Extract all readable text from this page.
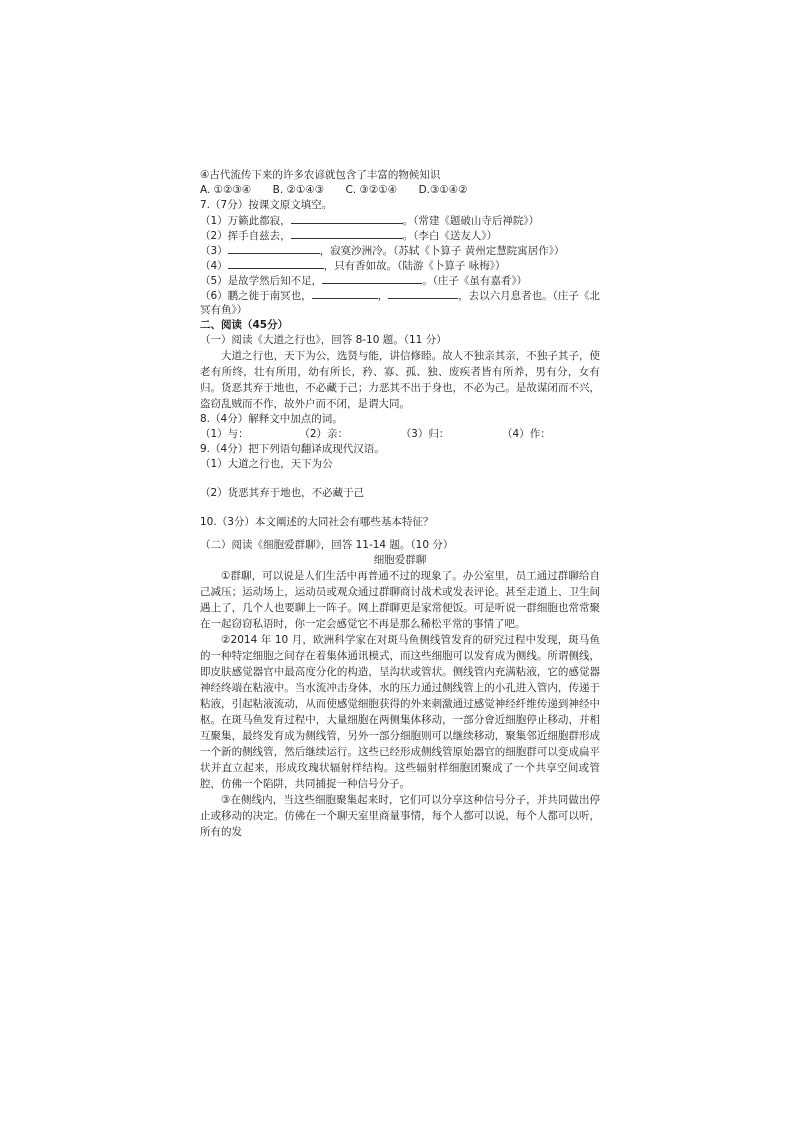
④古代流传下来的许多农谚就包含了丰富的物候知识
A. ①②③④ B. ②①④③ C. ③②①④ D.③①④②
7.（7分）按课文原文填空。
（1）万籁此都寂，	。（常建《题破山寺后禅院》）
（2）挥手自兹去，	。（李白《送友人》）
（3）	，寂寞沙洲冷。（苏轼《卜算子 黄州定慧院寓居作》）
（4）	，只有香如故。（陆游《卜算子 咏梅》）
（5）是故学然后知不足，	。（庄子《虽有嘉肴》）
（6）鹏之徙于南冥也，	，	，去以六月息者也。（庄子《北
冥有鱼》）
二、阅读（45分）
（一）阅读《大道之行也》，回答 8-10 题。（11 分）

大道之行也，天下为公，选贤与能，讲信修睦。故人不独亲其亲，不独子其子，使老有所终，壮有所用，幼有所长，矜、寡、孤、独、废疾者皆有所养，男有分，女有归。货恶其弃于地也，不必藏于己；力恶其不出于身也，不必为己。是故谋闭而不兴，盗窃乱贼而不作，故外户而不闭，是谓大同。

8.（4分）解释文中加点的词。
（1）与：	（2）亲：	（3）归：	（4）作：
9.（4分）把下列语句翻译成现代汉语。
（1）大道之行也，天下为公
（2）货恶其弃于地也，不必藏于己
10.（3分）本文阐述的大同社会有哪些基本特征？
（二）阅读《细胞爱群聊》，回答 11-14 题。（10 分）
细胞爱群聊

①群聊，可以说是人们生活中再普通不过的现象了。办公室里，员工通过群聊给自己减压；运动场上，运动员或观众通过群聊商讨战术或发表评论。甚至走道上、卫生间遇上了，几个人也要聊上一阵子。网上群聊更是家常便饭。可是听说一群细胞也常常聚在一起窃窃私语时，你一定会感觉它不再是那么稀松平常的事情了吧。

②2014 年 10 月，欧洲科学家在对斑马鱼侧线管发育的研究过程中发现，斑马鱼的一种特定细胞之间存在着集体通讯模式，而这些细胞可以发育成为侧线。所谓侧线，即皮肤感觉器官中最高度分化的构造，呈沟状或管状。侧线管内充满粘液，它的感觉器神经终端在粘液中。当水流冲击身体，水的压力通过侧线管上的小孔进入管内，传递于粘液，引起粘液流动，从而使感觉细胞获得的外来刺激通过感觉神经纤维传递到神经中枢。在斑马鱼发育过程中，大量细胞在两侧集体移动，一部分會近细胞停止移动，并相互聚集，最终发育成为侧线管，另外一部分细胞则可以继续移动，聚集邻近细胞群形成一个新的侧线管，然后继续运行。这些已经形成侧线管原始器官的细胞群可以变成扁平状并直立起来，形成玫瑰状辐射样结构。这些辐射样细胞团聚成了一个共享空间或管腔，仿佛一个陷阱，共同捕捉一种信号分子。

③在侧线内，当这些细胞聚集起来时，它们可以分享这种信号分子，并共同做出停止或移动的决定。仿佛在一个聊天室里商量事情，每个人都可以说，每个人都可以听，所有的发
